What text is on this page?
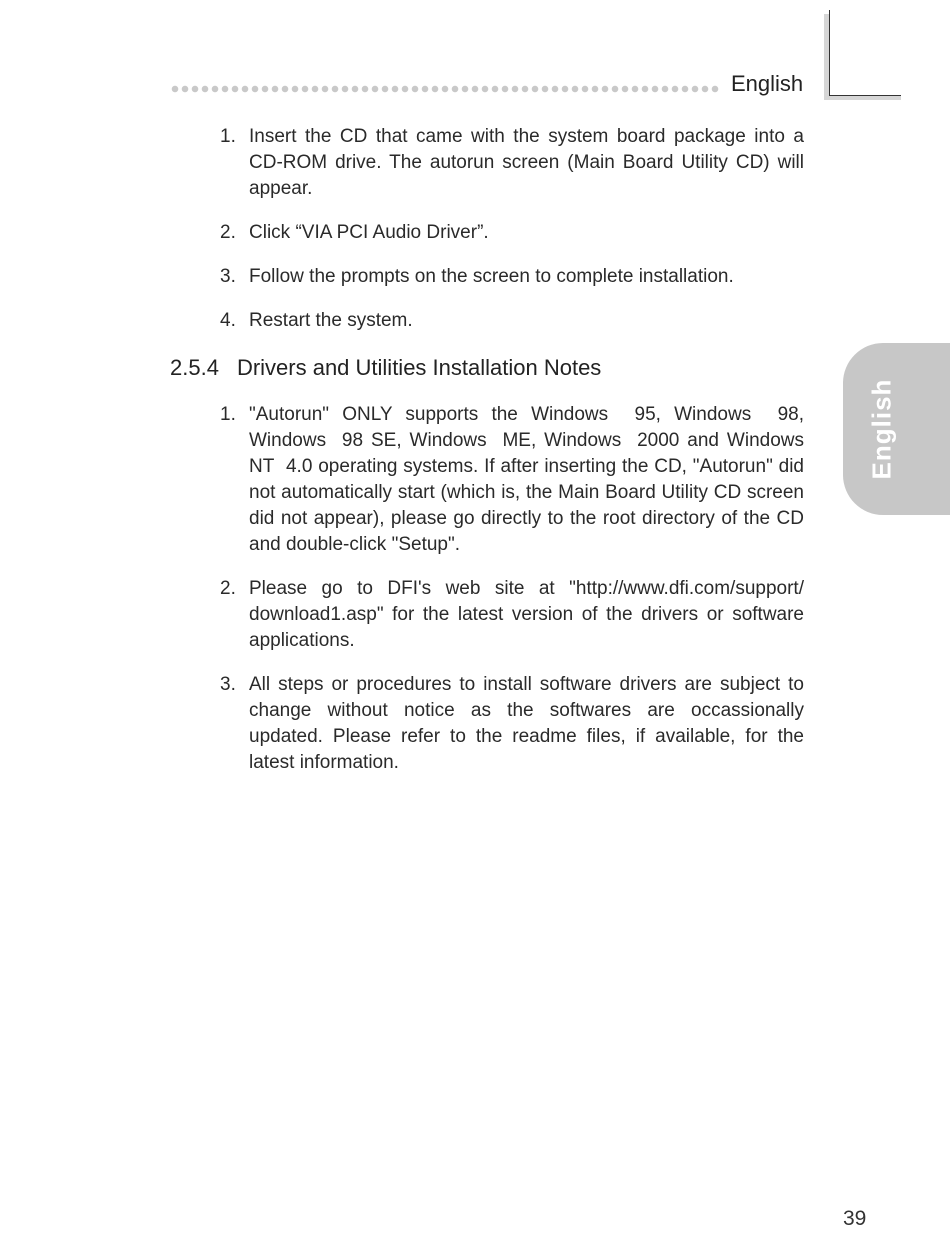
English
English
1. Insert the CD that came with the system board package into a CD-ROM drive. The autorun screen (Main Board Utility CD) will appear.
2. Click “VIA PCI Audio Driver”.
3. Follow the prompts on the screen to complete installation.
4. Restart the system.
2.5.4 Drivers and Utilities Installation Notes
1. "Autorun" ONLY supports the Windows  95, Windows  98, Windows  98 SE, Windows  ME, Windows  2000 and Windows NT  4.0 operating systems. If after inserting the CD, "Autorun" did not automatically start (which is, the Main Board Utility CD screen did not appear), please go directly to the root directory of the CD and double-click "Setup".
2. Please go to DFI's web site at "http://www.dfi.com/support/ download1.asp" for the latest version of the drivers or software applications.
3. All steps or procedures to install software drivers are subject to change without notice as the softwares are occassionally updated. Please refer to the readme files, if available, for the latest information.
39
